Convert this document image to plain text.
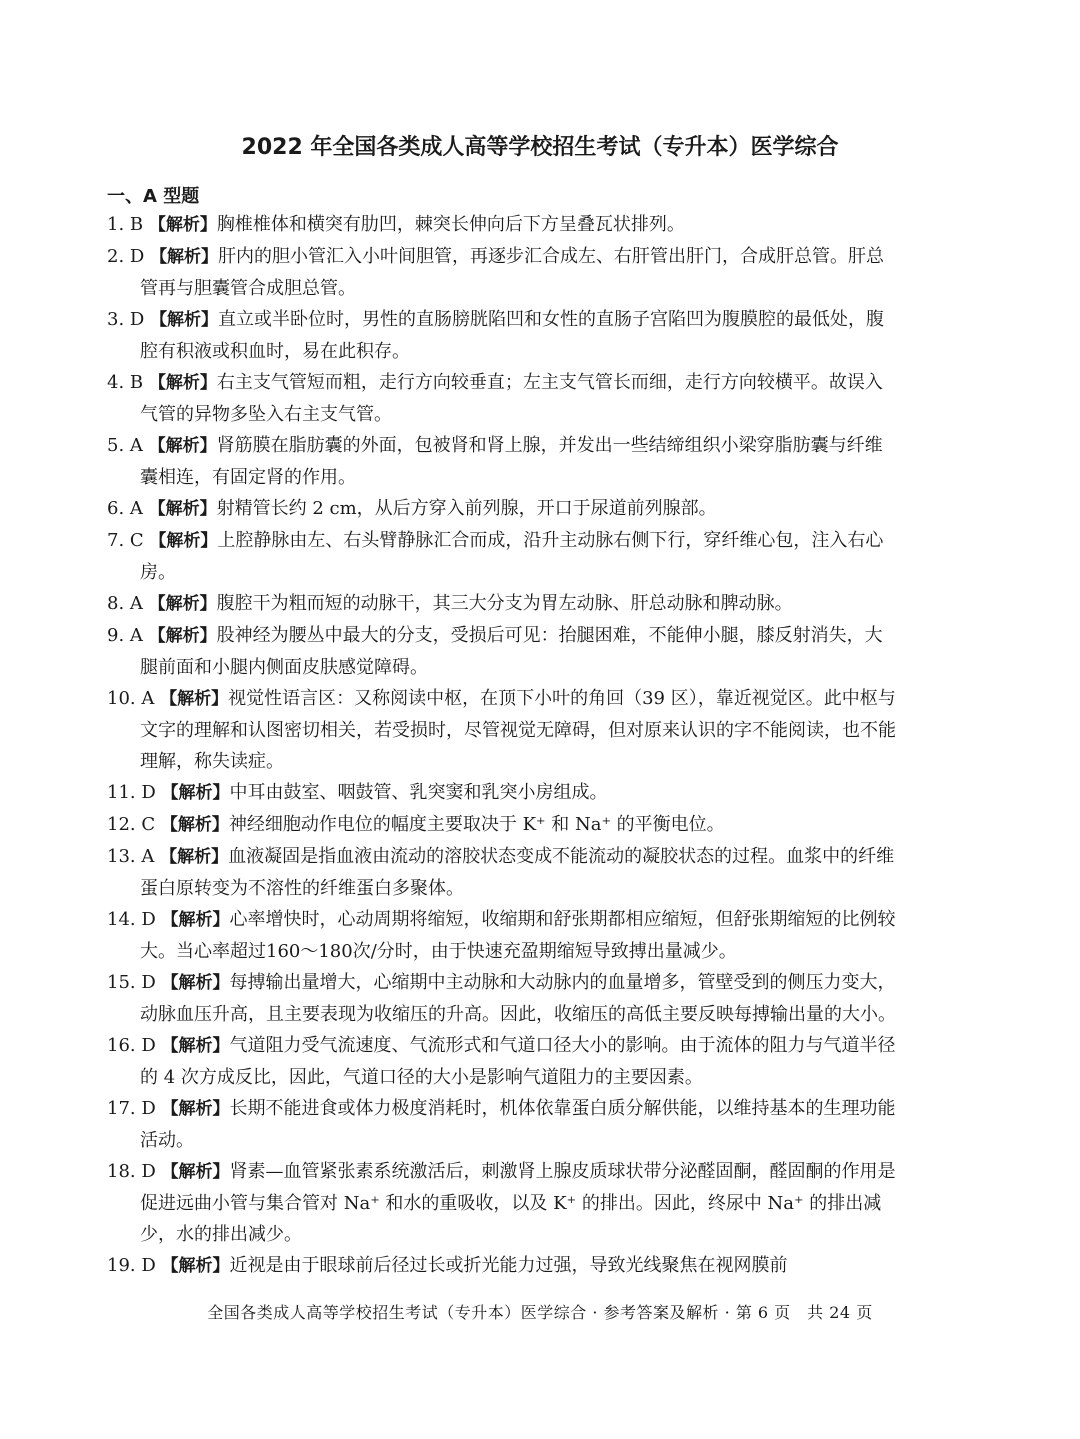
2022 年全国各类成人高等学校招生考试（专升本）医学综合
一、A 型题
1. B 【解析】胸椎椎体和横突有肋凹，棘突长伸向后下方呈叠瓦状排列。
2. D 【解析】肝内的胆小管汇入小叶间胆管，再逐步汇合成左、右肝管出肝门，合成肝总管。肝总管再与胆囊管合成胆总管。
3. D 【解析】直立或半卧位时，男性的直肠膀胱陷凹和女性的直肠子宫陷凹为腹膜腔的最低处，腹腔有积液或积血时，易在此积存。
4. B 【解析】右主支气管短而粗，走行方向较垂直；左主支气管长而细，走行方向较横平。故误入气管的异物多坠入右主支气管。
5. A 【解析】肾筋膜在脂肪囊的外面，包被肾和肾上腺，并发出一些结缔组织小梁穿脂肪囊与纤维囊相连，有固定肾的作用。
6. A 【解析】射精管长约 2 cm，从后方穿入前列腺，开口于尿道前列腺部。
7. C 【解析】上腔静脉由左、右头臂静脉汇合而成，沿升主动脉右侧下行，穿纤维心包，注入右心房。
8. A 【解析】腹腔干为粗而短的动脉干，其三大分支为胃左动脉、肝总动脉和脾动脉。
9. A 【解析】股神经为腰丛中最大的分支，受损后可见：抬腿困难，不能伸小腿，膝反射消失，大腿前面和小腿内侧面皮肤感觉障碍。
10. A 【解析】视觉性语言区：又称阅读中枢，在顶下小叶的角回（39 区），靠近视觉区。此中枢与文字的理解和认图密切相关，若受损时，尽管视觉无障碍，但对原来认识的字不能阅读，也不能理解，称失读症。
11. D 【解析】中耳由鼓室、咽鼓管、乳突窦和乳突小房组成。
12. C 【解析】神经细胞动作电位的幅度主要取决于 K⁺ 和 Na⁺ 的平衡电位。
13. A 【解析】血液凝固是指血液由流动的溶胶状态变成不能流动的凝胶状态的过程。血浆中的纤维蛋白原转变为不溶性的纤维蛋白多聚体。
14. D 【解析】心率增快时，心动周期将缩短，收缩期和舒张期都相应缩短，但舒张期缩短的比例较大。当心率超过160～180次/分时，由于快速充盈期缩短导致搏出量减少。
15. D 【解析】每搏输出量增大，心缩期中主动脉和大动脉内的血量增多，管壁受到的侧压力变大，动脉血压升高，且主要表现为收缩压的升高。因此，收缩压的高低主要反映每搏输出量的大小。
16. D 【解析】气道阻力受气流速度、气流形式和气道口径大小的影响。由于流体的阻力与气道半径的 4 次方成反比，因此，气道口径的大小是影响气道阻力的主要因素。
17. D 【解析】长期不能进食或体力极度消耗时，机体依靠蛋白质分解供能，以维持基本的生理功能活动。
18. D 【解析】肾素—血管紧张素系统激活后，刺激肾上腺皮质球状带分泌醛固酮，醛固酮的作用是促进远曲小管与集合管对 Na⁺ 和水的重吸收，以及 K⁺ 的排出。因此，终尿中 Na⁺ 的排出减少，水的排出减少。
19. D 【解析】近视是由于眼球前后径过长或折光能力过强，导致光线聚焦在视网膜前
全国各类成人高等学校招生考试（专升本）医学综合 · 参考答案及解析 · 第 6 页　共 24 页
